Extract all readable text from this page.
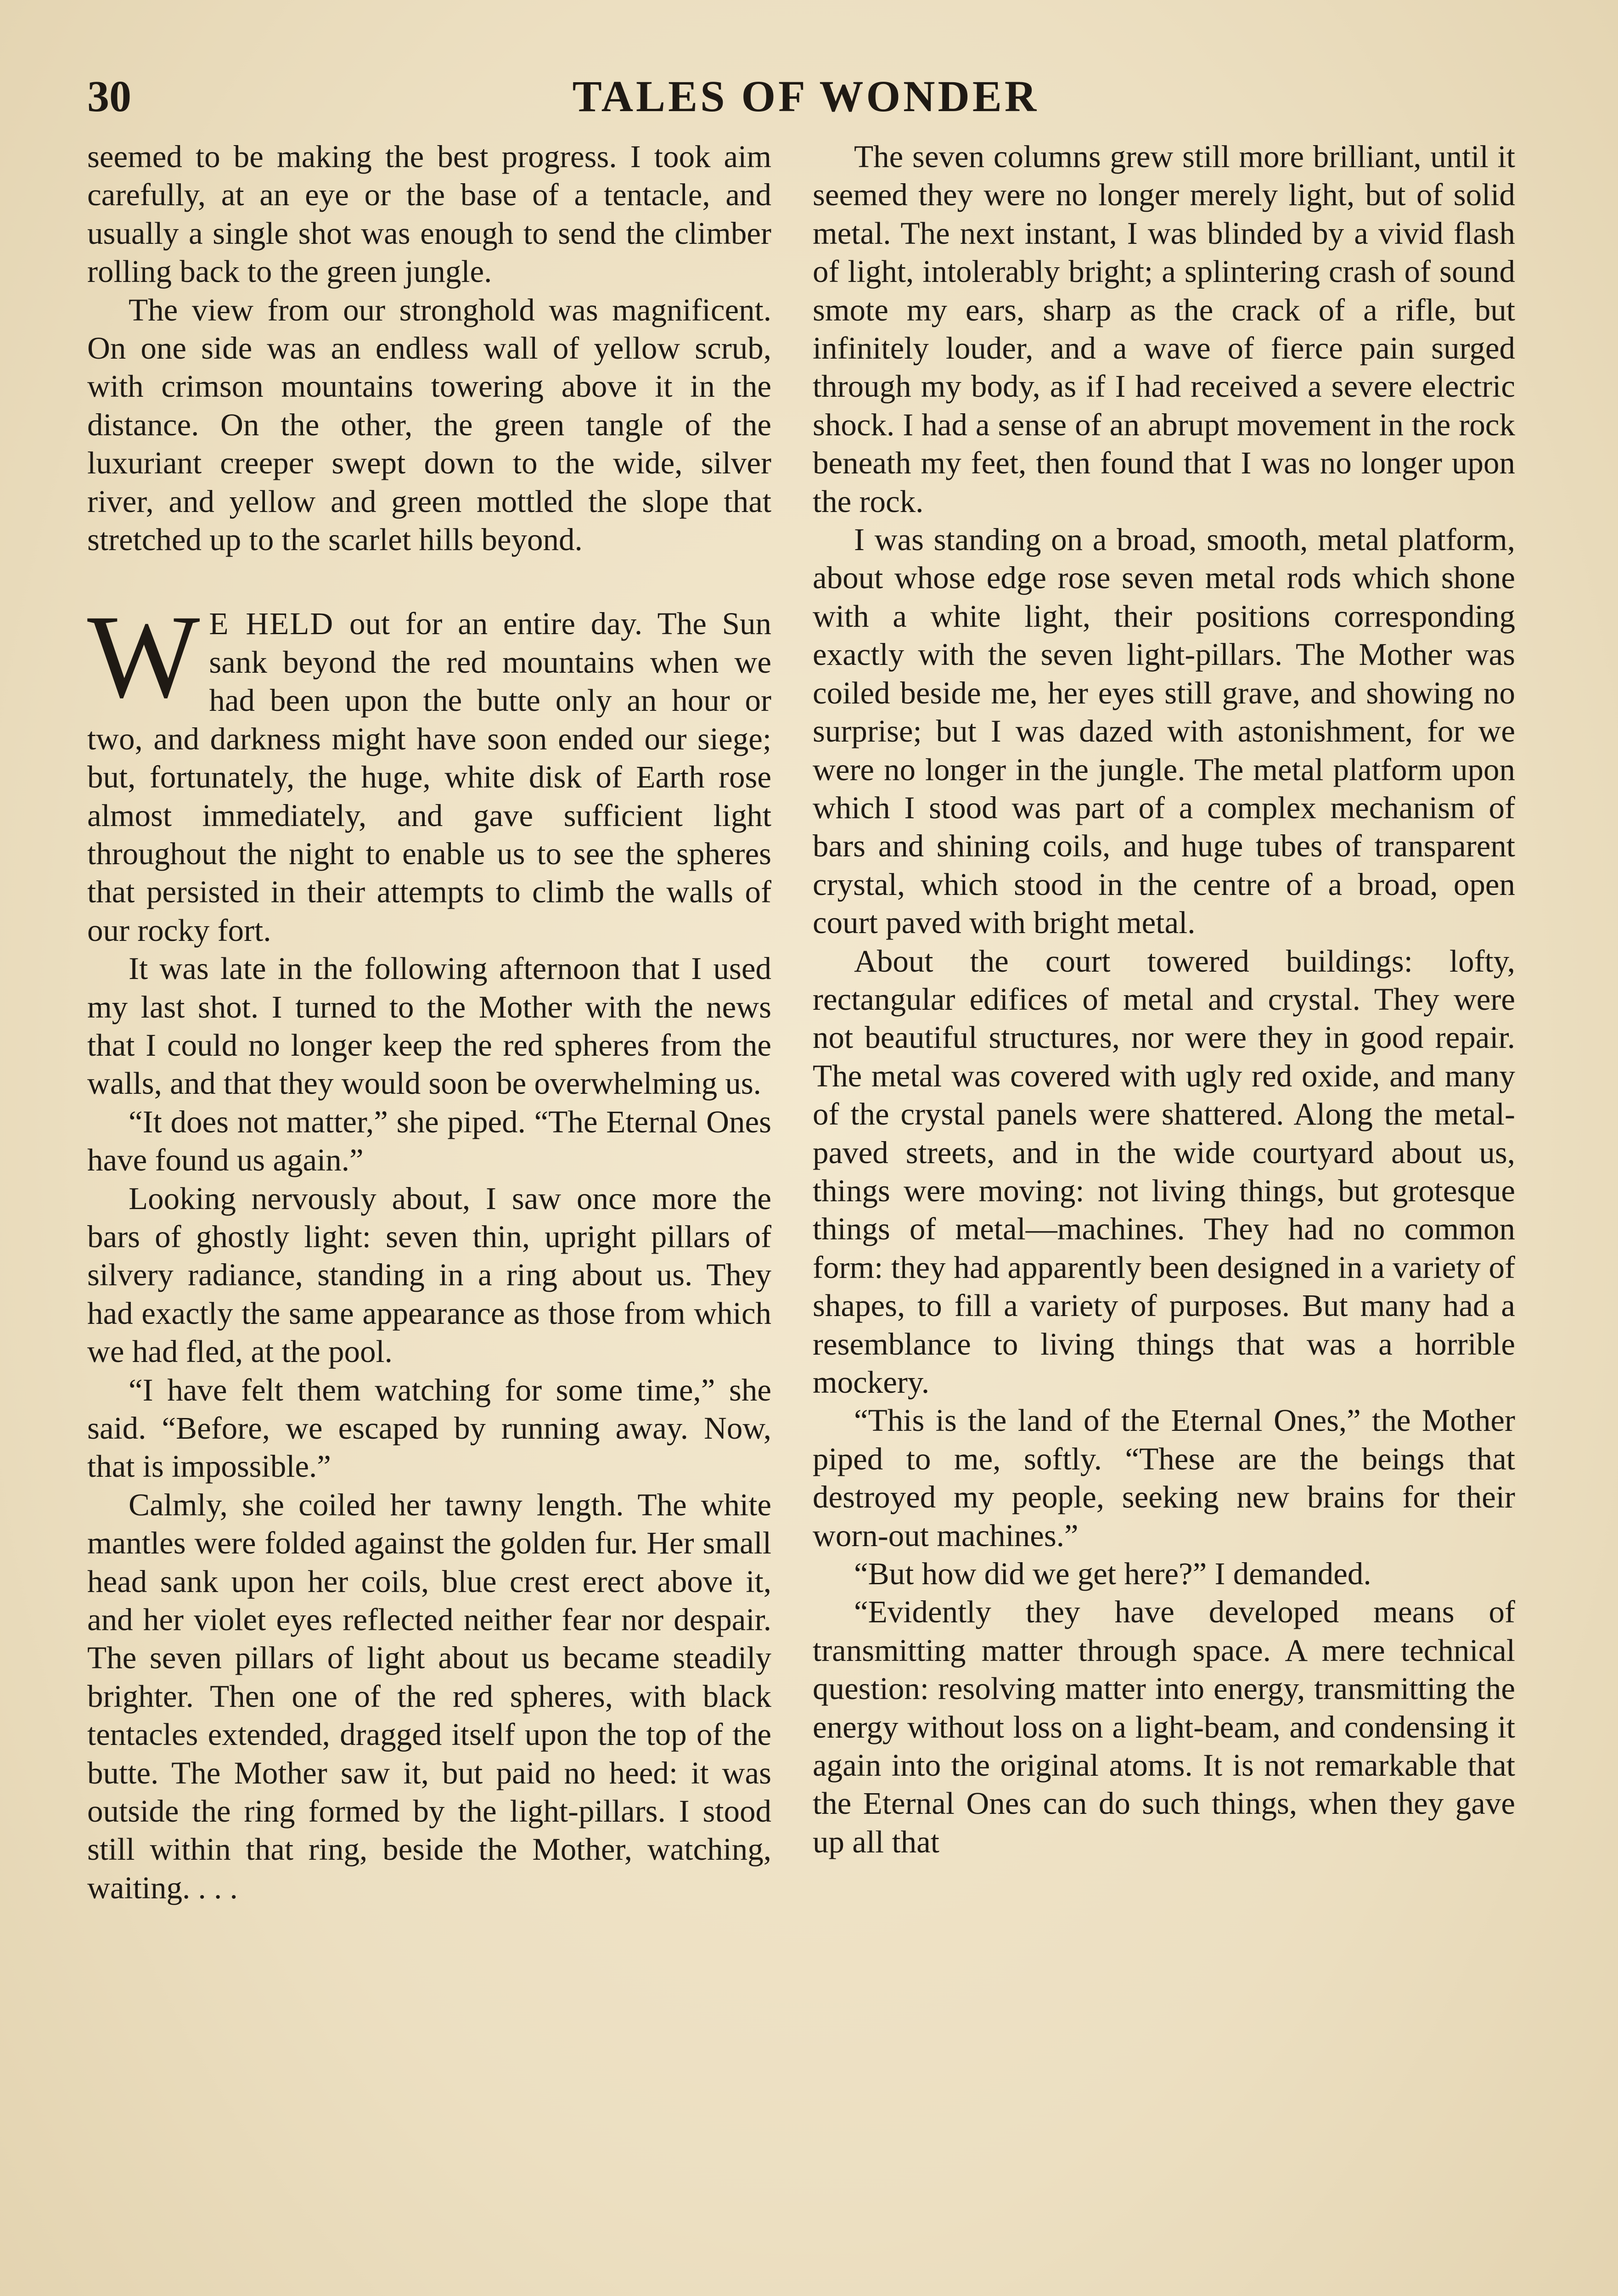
30	TALES OF WONDER

seemed to be making the best progress. I took aim carefully, at an eye or the base of a tentacle, and usually a single shot was enough to send the climber rolling back to the green jungle.

The view from our stronghold was magnificent. On one side was an endless wall of yellow scrub, with crimson mountains towering above it in the distance. On the other, the green tangle of the luxuriant creeper swept down to the wide, silver river, and yellow and green mottled the slope that stretched up to the scarlet hills beyond.

W E HELD out for an entire day. The Sun sank beyond the red mountains when we had been upon the butte only an hour or two, and darkness might have soon ended our siege; but, fortunately, the huge, white disk of Earth rose almost immediately, and gave sufficient light throughout the night to enable us to see the spheres that persisted in their attempts to climb the walls of our rocky fort.

It was late in the following afternoon that I used my last shot. I turned to the Mother with the news that I could no longer keep the red spheres from the walls, and that they would soon be overwhelming us.

“It does not matter,” she piped. “The Eternal Ones have found us again.”

Looking nervously about, I saw once more the bars of ghostly light: seven thin, upright pillars of silvery radiance, standing in a ring about us. They had exactly the same appearance as those from which we had fled, at the pool.

“I have felt them watching for some time,” she said. “Before, we escaped by running away. Now, that is impossible.”

Calmly, she coiled her tawny length. The white mantles were folded against the golden fur. Her small head sank upon her coils, blue crest erect above it, and her violet eyes reflected neither fear nor despair. The seven pillars of light about us became steadily brighter. Then one of the red spheres, with black tentacles extended, dragged itself upon the top of the butte. The Mother saw it, but paid no heed: it was outside the ring formed by the light-pillars. I stood still within that ring, beside the Mother, watching, waiting. . . .

The seven columns grew still more brilliant, until it seemed they were no longer merely light, but of solid metal. The next instant, I was blinded by a vivid flash of light, intolerably bright; a splintering crash of sound smote my ears, sharp as the crack of a rifle, but infinitely louder, and a wave of fierce pain surged through my body, as if I had received a severe electric shock. I had a sense of an abrupt movement in the rock beneath my feet, then found that I was no longer upon the rock.

I was standing on a broad, smooth, metal platform, about whose edge rose seven metal rods which shone with a white light, their positions corresponding exactly with the seven light-pillars. The Mother was coiled beside me, her eyes still grave, and showing no surprise; but I was dazed with astonishment, for we were no longer in the jungle. The metal platform upon which I stood was part of a complex mechanism of bars and shining coils, and huge tubes of transparent crystal, which stood in the centre of a broad, open court paved with bright metal.

About the court towered buildings: lofty, rectangular edifices of metal and crystal. They were not beautiful structures, nor were they in good repair. The metal was covered with ugly red oxide, and many of the crystal panels were shattered. Along the metal-paved streets, and in the wide courtyard about us, things were moving: not living things, but grotesque things of metal—machines. They had no common form: they had apparently been designed in a variety of shapes, to fill a variety of purposes. But many had a resemblance to living things that was a horrible mockery.

“This is the land of the Eternal Ones,” the Mother piped to me, softly. “These are the beings that destroyed my people, seeking new brains for their worn-out machines.”

“But how did we get here?” I demanded.

“Evidently they have developed means of transmitting matter through space. A mere technical question: resolving matter into energy, transmitting the energy without loss on a light-beam, and condensing it again into the original atoms. It is not remarkable that the Eternal Ones can do such things, when they gave up all that
